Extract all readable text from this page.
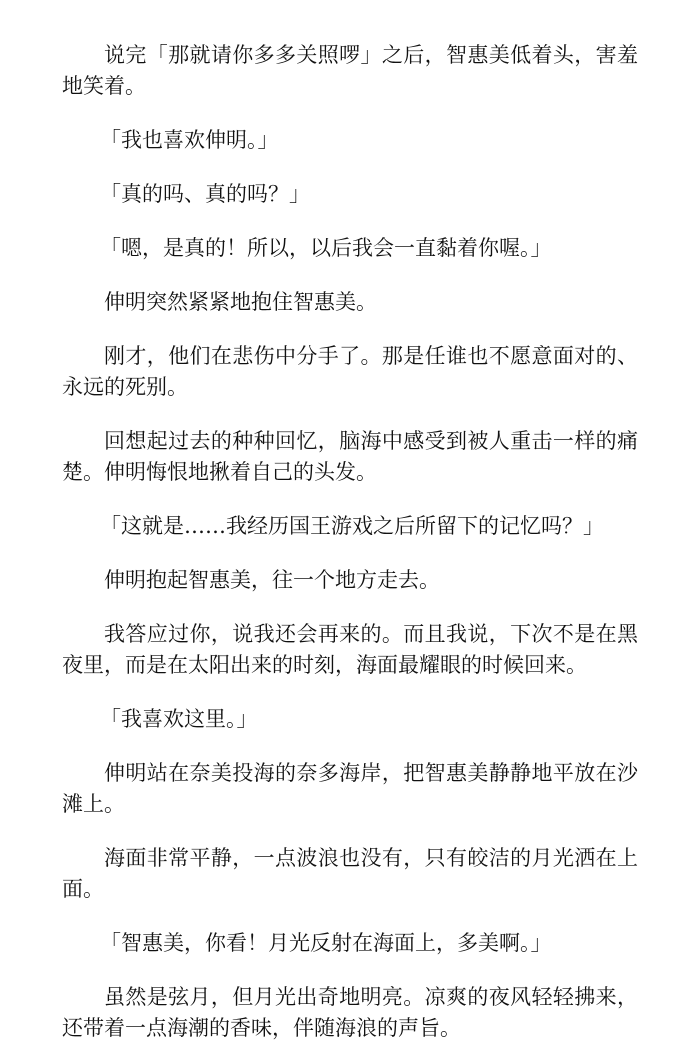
说完「那就请你多多关照啰」之后，智惠美低着头，害羞地笑着。

「我也喜欢伸明。」

「真的吗、真的吗？」

「嗯，是真的！所以，以后我会一直黏着你喔。」

伸明突然紧紧地抱住智惠美。

刚才，他们在悲伤中分手了。那是任谁也不愿意面对的、永远的死别。

回想起过去的种种回忆，脑海中感受到被人重击一样的痛楚。伸明悔恨地揪着自己的头发。

「这就是……我经历国王游戏之后所留下的记忆吗？」

伸明抱起智惠美，往一个地方走去。

我答应过你，说我还会再来的。而且我说，下次不是在黑夜里，而是在太阳出来的时刻，海面最耀眼的时候回来。

「我喜欢这里。」

伸明站在奈美投海的奈多海岸，把智惠美静静地平放在沙滩上。

海面非常平静，一点波浪也没有，只有皎洁的月光洒在上面。

「智惠美，你看！月光反射在海面上，多美啊。」

虽然是弦月，但月光出奇地明亮。凉爽的夜风轻轻拂来，还带着一点海潮的香味，伴随海浪的声旨。
